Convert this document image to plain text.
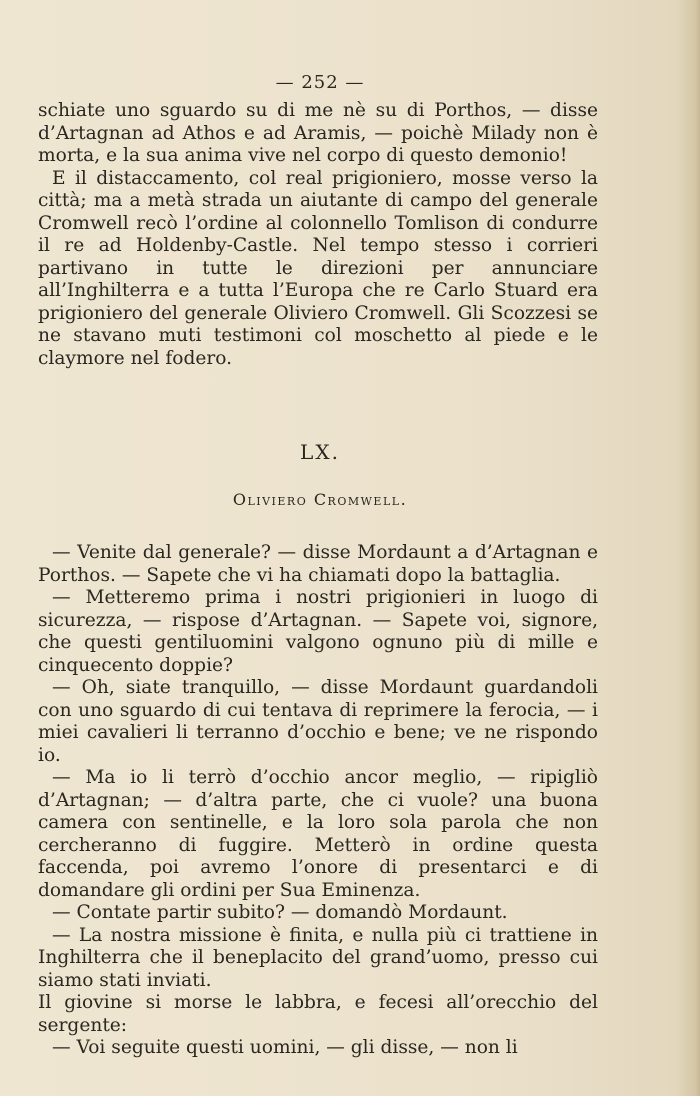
— 252 —

schiate uno sguardo su di me nè su di Porthos, — disse d’Artagnan ad Athos e ad Aramis, — poichè Milady non è morta, e la sua anima vive nel corpo di questo demonio!

E il distaccamento, col real prigioniero, mosse verso la città; ma a metà strada un aiutante di campo del generale Cromwell recò l’ordine al colonnello Tomlison di condurre il re ad Holdenby-Castle. Nel tempo stesso i corrieri partivano in tutte le direzioni per annunciare all’Inghilterra e a tutta l’Europa che re Carlo Stuard era prigioniero del generale Oliviero Cromwell. Gli Scozzesi se ne stavano muti testimoni col moschetto al piede e le claymore nel fodero.

LX.
Oliviero Cromwell.

— Venite dal generale? — disse Mordaunt a d’Artagnan e Porthos. — Sapete che vi ha chiamati dopo la battaglia.

— Metteremo prima i nostri prigionieri in luogo di sicurezza, — rispose d’Artagnan. — Sapete voi, signore, che questi gentiluomini valgono ognuno più di mille e cinquecento doppie?

— Oh, siate tranquillo, — disse Mordaunt guardandoli con uno sguardo di cui tentava di reprimere la ferocia, — i miei cavalieri li terranno d’occhio e bene; ve ne rispondo io.

— Ma io li terrò d’occhio ancor meglio, — ripigliò d’Artagnan; — d’altra parte, che ci vuole? una buona camera con sentinelle, e la loro sola parola che non cercheranno di fuggire. Metterò in ordine questa faccenda, poi avremo l’onore di presentarci e di domandare gli ordini per Sua Eminenza.

— Contate partir subito? — domandò Mordaunt.

— La nostra missione è finita, e nulla più ci trattiene in Inghilterra che il beneplacito del grand’uomo, presso cui siamo stati inviati.

Il giovine si morse le labbra, e fecesi all’orecchio del sergente:

— Voi seguite questi uomini, — gli disse, — non li
